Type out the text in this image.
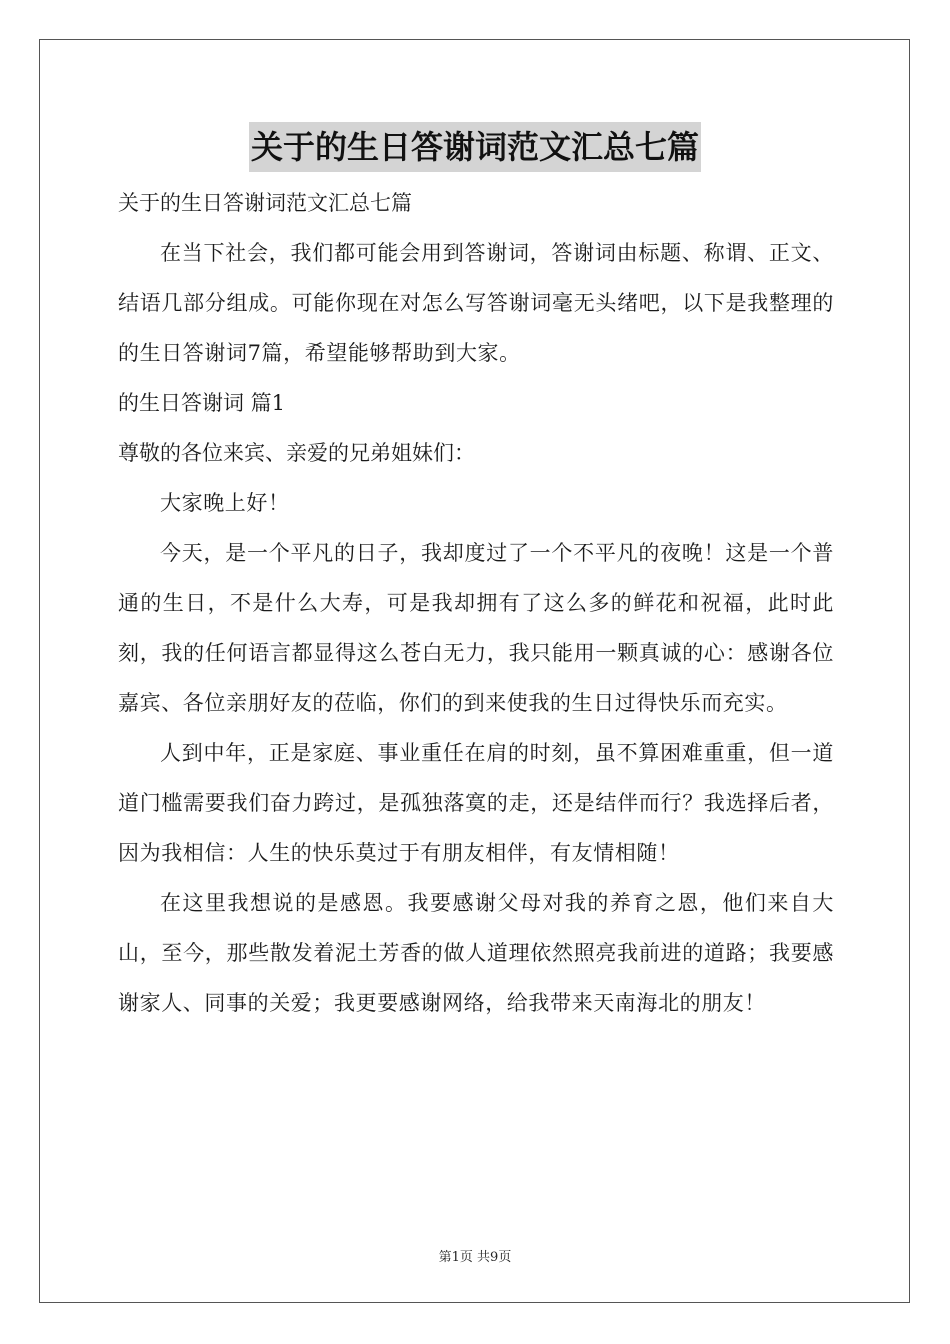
关于的生日答谢词范文汇总七篇

关于的生日答谢词范文汇总七篇

在当下社会，我们都可能会用到答谢词，答谢词由标题、称谓、正文、结语几部分组成。可能你现在对怎么写答谢词毫无头绪吧，以下是我整理的的生日答谢词7篇，希望能够帮助到大家。

的生日答谢词 篇1

尊敬的各位来宾、亲爱的兄弟姐妹们：

大家晚上好！

今天，是一个平凡的日子，我却度过了一个不平凡的夜晚！这是一个普通的生日，不是什么大寿，可是我却拥有了这么多的鲜花和祝福，此时此刻，我的任何语言都显得这么苍白无力，我只能用一颗真诚的心：感谢各位嘉宾、各位亲朋好友的莅临，你们的到来使我的生日过得快乐而充实。

人到中年，正是家庭、事业重任在肩的时刻，虽不算困难重重，但一道道门槛需要我们奋力跨过，是孤独落寞的走，还是结伴而行？我选择后者，因为我相信：人生的快乐莫过于有朋友相伴，有友情相随！

在这里我想说的是感恩。我要感谢父母对我的养育之恩，他们来自大山，至今，那些散发着泥土芳香的做人道理依然照亮我前进的道路；我要感谢家人、同事的关爱；我更要感谢网络，给我带来天南海北的朋友！

第1页 共9页
